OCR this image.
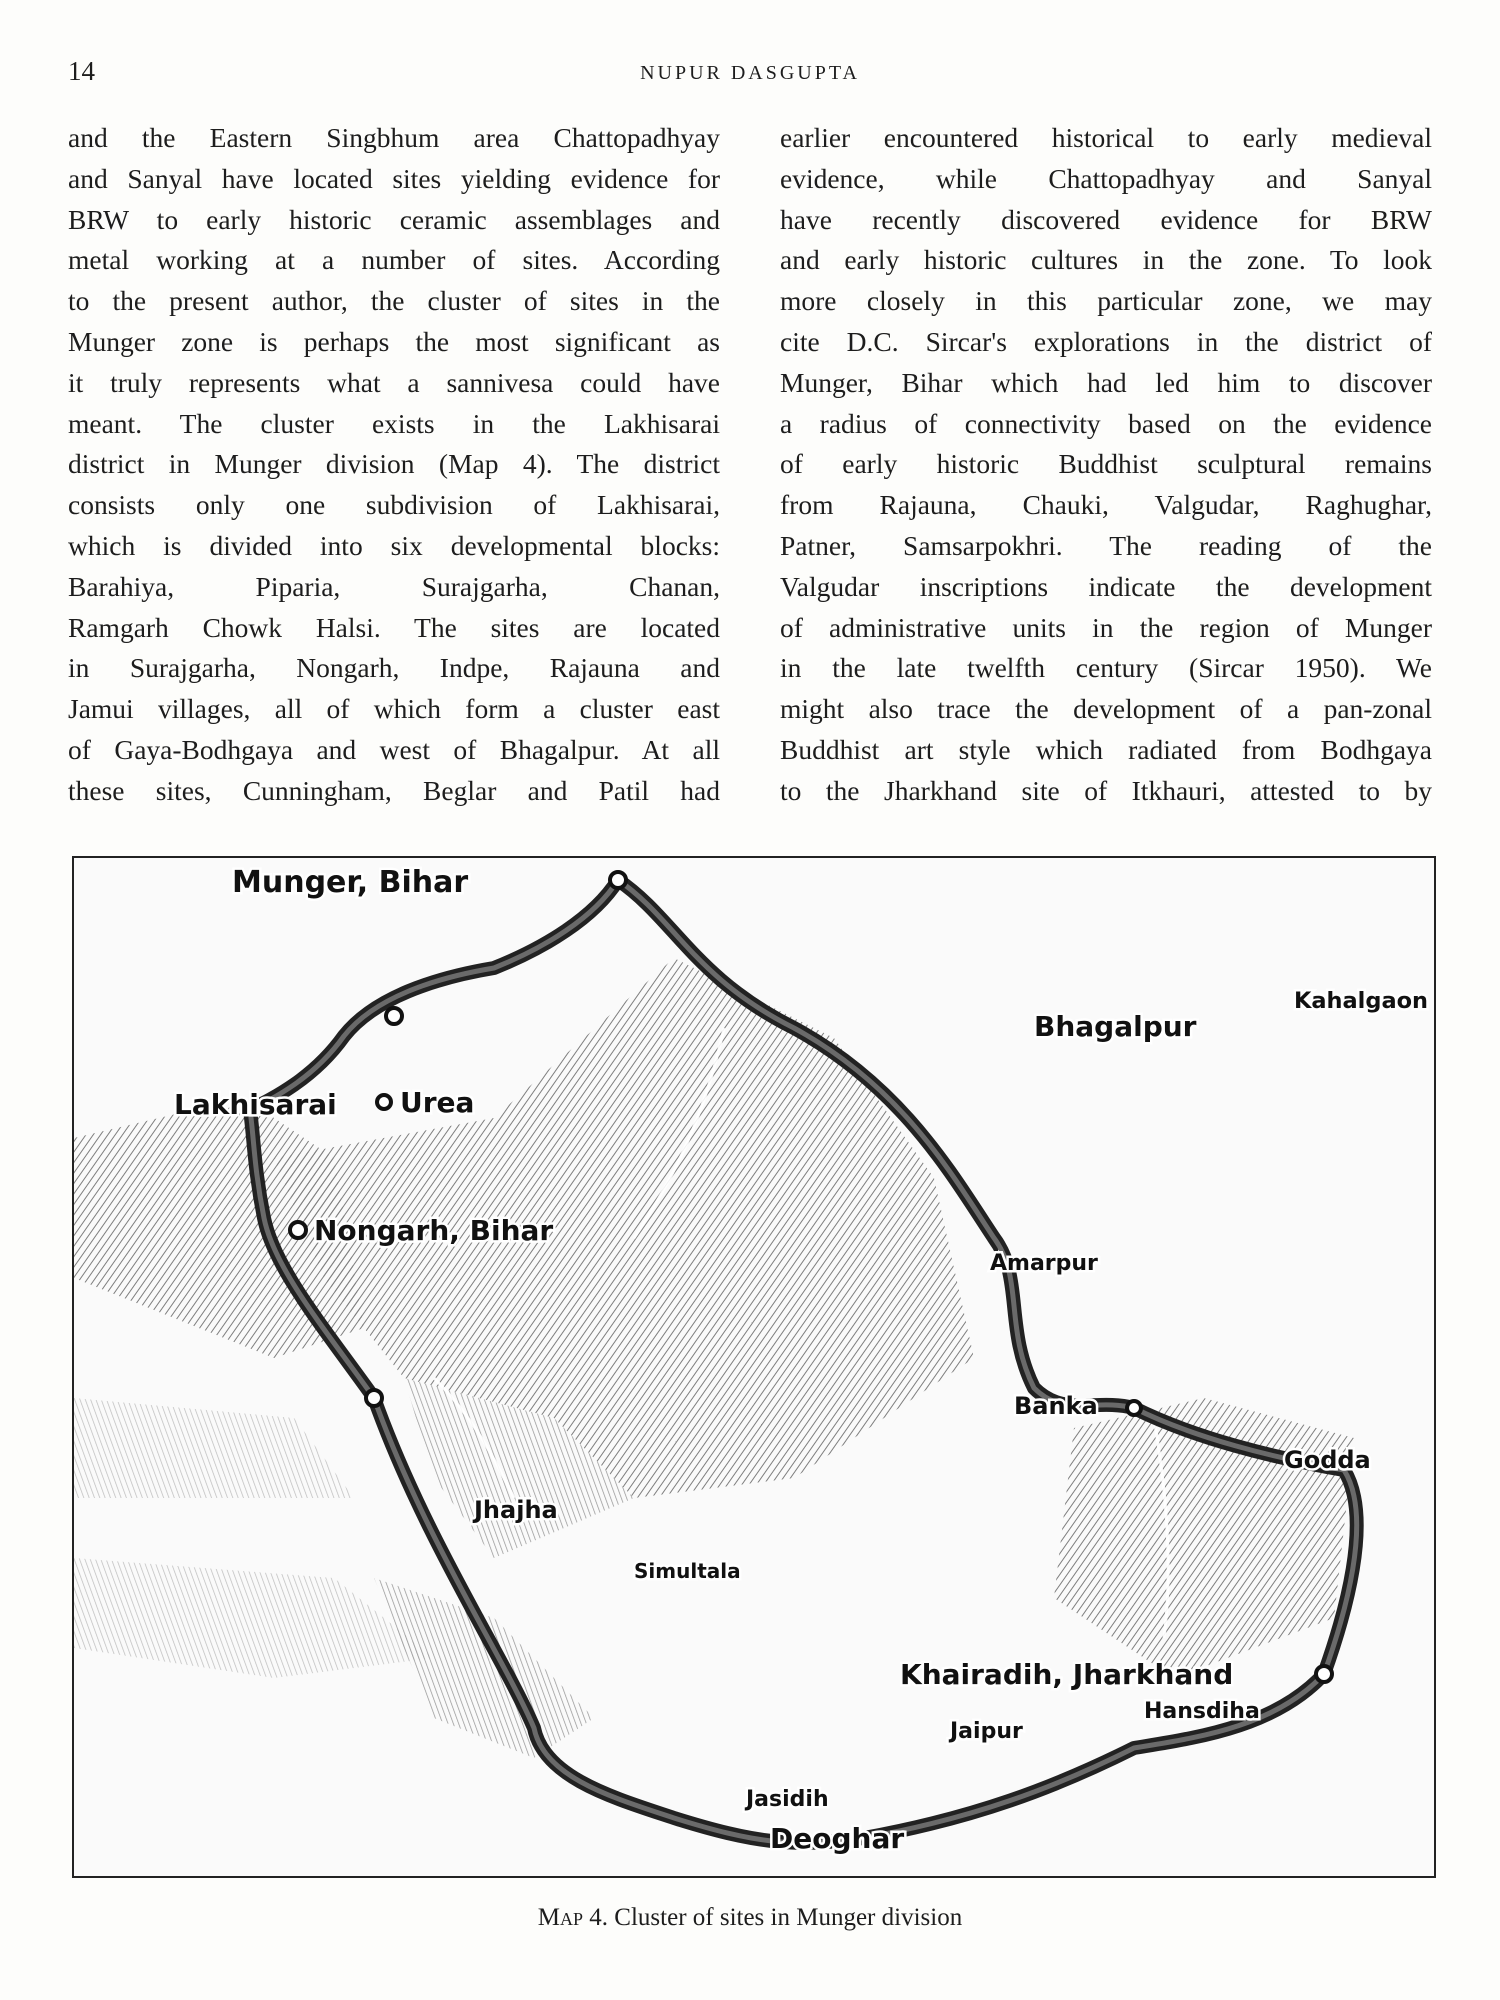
14	NUPUR DASGUPTA
and the Eastern Singbhum area Chattopadhyay
and Sanyal have located sites yielding evidence for
BRW to early historic ceramic assemblages and
metal working at a number of sites. According
to the present author, the cluster of sites in the
Munger zone is perhaps the most significant as
it truly represents what a sannivesa could have
meant. The cluster exists in the Lakhisarai
district in Munger division (Map 4). The district
consists only one subdivision of Lakhisarai,
which is divided into six developmental blocks:
Barahiya, Piparia, Surajgarha, Chanan,
Ramgarh Chowk Halsi. The sites are located
in Surajgarha, Nongarh, Indpe, Rajauna and
Jamui villages, all of which form a cluster east
of Gaya-Bodhgaya and west of Bhagalpur. At all
these sites, Cunningham, Beglar and Patil had
earlier encountered historical to early medieval
evidence, while Chattopadhyay and Sanyal
have recently discovered evidence for BRW
and early historic cultures in the zone. To look
more closely in this particular zone, we may
cite D.C. Sircar's explorations in the district of
Munger, Bihar which had led him to discover
a radius of connectivity based on the evidence
of early historic Buddhist sculptural remains
from Rajauna, Chauki, Valgudar, Raghughar,
Patner, Samsarpokhri. The reading of the
Valgudar inscriptions indicate the development
of administrative units in the region of Munger
in the late twelfth century (Sircar 1950). We
might also trace the development of a pan-zonal
Buddhist art style which radiated from Bodhgaya
to the Jharkhand site of Itkhauri, attested to by
Munger, Bihar
Bhagalpur
Kahalgaon
Lakhisarai Urea
Nongarh, Bihar
Amarpur
Banka
Godda
Jhajha
Simultala
Khairadih, Jharkhand
Jaipur
Hansdiha
Jasidih
Deoghar
Map 4. Cluster of sites in Munger division
